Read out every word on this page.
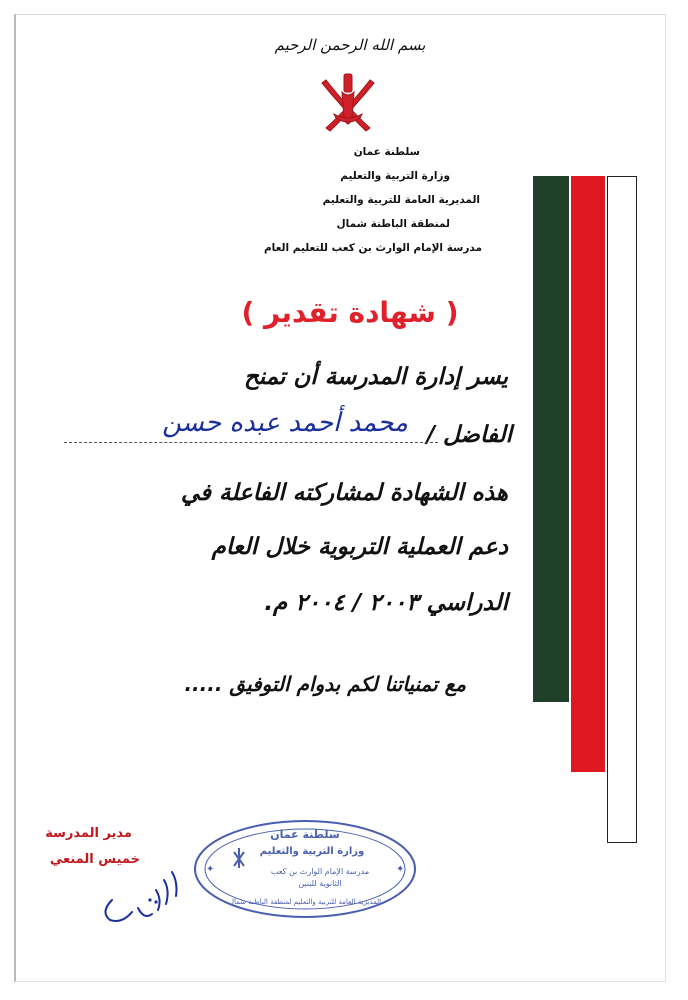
بسم الله الرحمن الرحيم
سلطنة عمان
وزارة التربية والتعليم
المديرية العامة للتربية والتعليم
لمنطقة الباطنة شمال
مدرسة الإمام الوارث بن كعب للتعليم العام
( شهادة تقدير )
يسر إدارة المدرسة أن تمنح
الفاضل /
محمد أحمد عبده حسن
هذه الشهادة لمشاركته الفاعلة في
دعم العملية التربوية خلال العام
الدراسي ٢٠٠٣ / ٢٠٠٤ م.
مع تمنياتنا لكم بدوام التوفيق .....
مدير المدرسة
خميس المنعي
سلطنة عمان
وزارة التربية والتعليم
مدرسة الإمام الوارث بن كعب
الثانوية للبنين
المديرية العامة للتربية والتعليم لمنطقة الباطنة شمال
✦	✦
